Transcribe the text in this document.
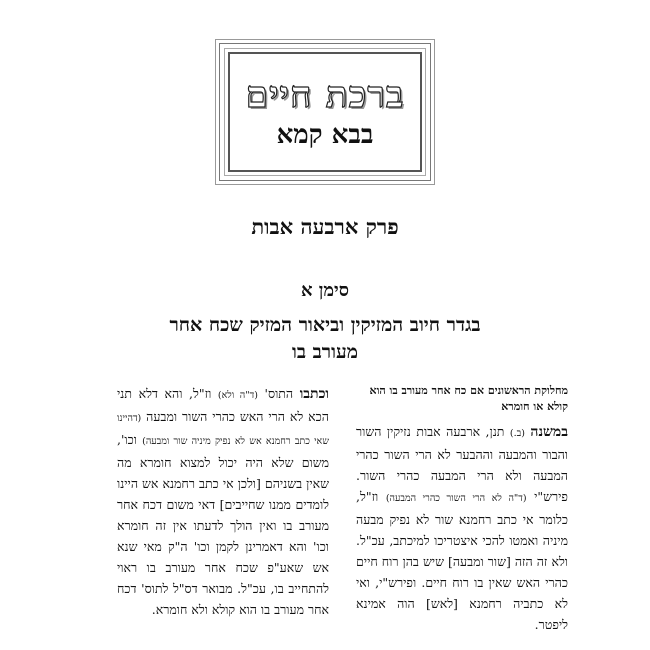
ברכת חיים
בבא קמא
פרק ארבעה אבות
סימן א
בגדר חיוב המזיקין וביאור המזיק שכח אחר מעורב בו
מחלוקת הראשונים אם כח אחר מעורב בו הוא קולא או חומרא

במשנה (ב.) תנן, ארבעה אבות נזיקין השור והבור והמבעה וההבער לא הרי השור כהרי המבעה ולא הרי המבעה כהרי השור. פירש"י (ד"ה לא הרי השור כהרי המבעה) וז"ל, כלומר אי כתב רחמנא שור לא נפיק מבעה מיניה ואמטו להכי איצטריכו למיכתב, עכ"ל. ולא זה הזה [שור ומבעה] שיש בהן רוח חיים כהרי האש שאין בו רוח חיים. ופירש"י, ואי לא כתביה רחמנא [לאש] הוה אמינא ליפטר.

וכתבו התוס' (ד"ה ולא) וז"ל, והא דלא תני הכא לא הרי האש כהרי השור ומבעה (דהיינו שאי כתב רחמנא אש לא נפיק מיניה שור ומבעה) וכו', משום שלא היה יכול למצוא חומרא מה שאין בשניהם [ולכן אי כתב רחמנא אש היינו לומדים ממנו שחייבים] דאי משום דכח אחר מעורב בו ואין הולך לדעתו אין זה חומרא וכו' והא דאמרינן לקמן וכו' ה"ק מאי שנא אש שאע"פ שכח אחר מעורב בו ראוי להתחייב בו, עכ"ל. מבואר דס"ל לתוס' דכח אחר מעורב בו הוא קולא ולא חומרא.
